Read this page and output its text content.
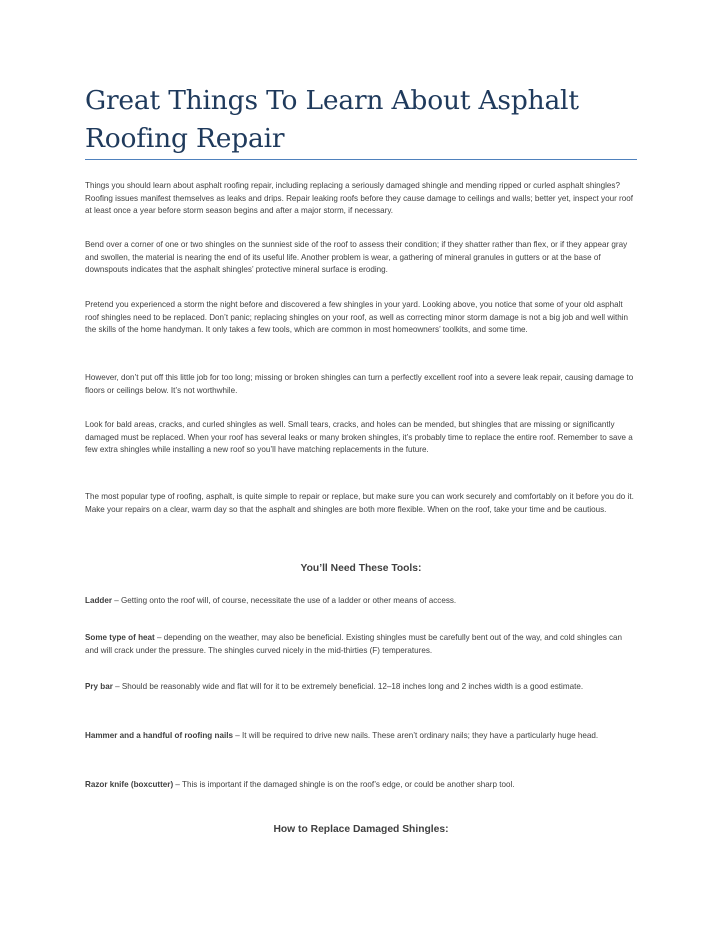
Great Things To Learn About Asphalt Roofing Repair

Things you should learn about asphalt roofing repair, including replacing a seriously damaged shingle and mending ripped or curled asphalt shingles? Roofing issues manifest themselves as leaks and drips. Repair leaking roofs before they cause damage to ceilings and walls; better yet, inspect your roof at least once a year before storm season begins and after a major storm, if necessary.

Bend over a corner of one or two shingles on the sunniest side of the roof to assess their condition; if they shatter rather than flex, or if they appear gray and swollen, the material is nearing the end of its useful life. Another problem is wear, a gathering of mineral granules in gutters or at the base of downspouts indicates that the asphalt shingles’ protective mineral surface is eroding.

Pretend you experienced a storm the night before and discovered a few shingles in your yard. Looking above, you notice that some of your old asphalt roof shingles need to be replaced. Don’t panic; replacing shingles on your roof, as well as correcting minor storm damage is not a big job and well within the skills of the home handyman. It only takes a few tools, which are common in most homeowners’ toolkits, and some time.

However, don’t put off this little job for too long; missing or broken shingles can turn a perfectly excellent roof into a severe leak repair, causing damage to floors or ceilings below. It’s not worthwhile.

Look for bald areas, cracks, and curled shingles as well. Small tears, cracks, and holes can be mended, but shingles that are missing or significantly damaged must be replaced. When your roof has several leaks or many broken shingles, it’s probably time to replace the entire roof. Remember to save a few extra shingles while installing a new roof so you’ll have matching replacements in the future.

The most popular type of roofing, asphalt, is quite simple to repair or replace, but make sure you can work securely and comfortably on it before you do it. Make your repairs on a clear, warm day so that the asphalt and shingles are both more flexible. When on the roof, take your time and be cautious.

You’ll Need These Tools:

Ladder – Getting onto the roof will, of course, necessitate the use of a ladder or other means of access.

Some type of heat – depending on the weather, may also be beneficial. Existing shingles must be carefully bent out of the way, and cold shingles can and will crack under the pressure. The shingles curved nicely in the mid-thirties (F) temperatures.

Pry bar – Should be reasonably wide and flat will for it to be extremely beneficial. 12–18 inches long and 2 inches width is a good estimate.

Hammer and a handful of roofing nails – It will be required to drive new nails. These aren’t ordinary nails; they have a particularly huge head.

Razor knife (boxcutter) – This is important if the damaged shingle is on the roof’s edge, or could be another sharp tool.

How to Replace Damaged Shingles:
